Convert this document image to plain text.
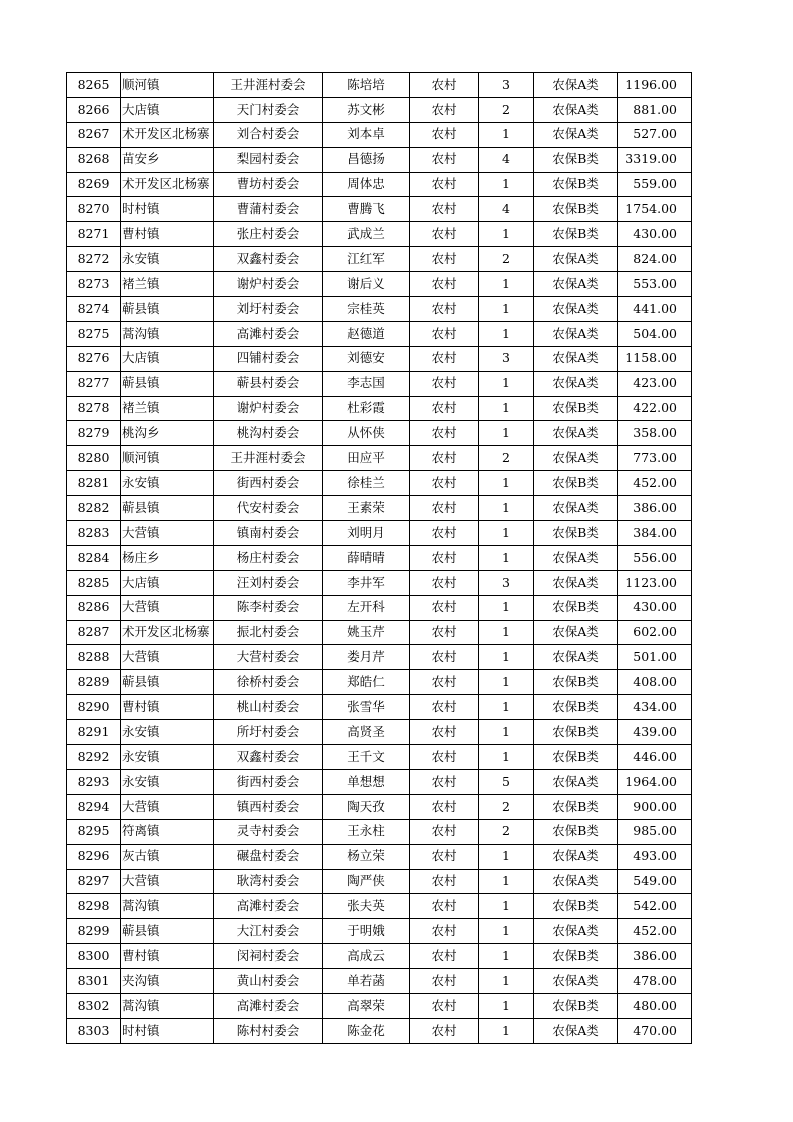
8265	顺河镇	王井涯村委会	陈培培	农村	3	农保A类	1196.00
8266	大店镇	天门村委会	苏文彬	农村	2	农保A类	881.00
8267	术开发区北杨寨	刘合村委会	刘本卓	农村	1	农保A类	527.00
8268	苗安乡	梨园村委会	昌德扬	农村	4	农保B类	3319.00
8269	术开发区北杨寨	曹坊村委会	周体忠	农村	1	农保B类	559.00
8270	时村镇	曹蒲村委会	曹腾飞	农村	4	农保B类	1754.00
8271	曹村镇	张庄村委会	武成兰	农村	1	农保B类	430.00
8272	永安镇	双鑫村委会	江红军	农村	2	农保A类	824.00
8273	褚兰镇	谢炉村委会	谢后义	农村	1	农保A类	553.00
8274	蕲县镇	刘圩村委会	宗桂英	农村	1	农保A类	441.00
8275	蒿沟镇	高滩村委会	赵德道	农村	1	农保A类	504.00
8276	大店镇	四铺村委会	刘德安	农村	3	农保A类	1158.00
8277	蕲县镇	蕲县村委会	李志国	农村	1	农保A类	423.00
8278	褚兰镇	谢炉村委会	杜彩霞	农村	1	农保B类	422.00
8279	桃沟乡	桃沟村委会	从怀侠	农村	1	农保A类	358.00
8280	顺河镇	王井涯村委会	田应平	农村	2	农保A类	773.00
8281	永安镇	街西村委会	徐桂兰	农村	1	农保B类	452.00
8282	蕲县镇	代安村委会	王素荣	农村	1	农保A类	386.00
8283	大营镇	镇南村委会	刘明月	农村	1	农保B类	384.00
8284	杨庄乡	杨庄村委会	薛晴晴	农村	1	农保A类	556.00
8285	大店镇	汪刘村委会	李井军	农村	3	农保A类	1123.00
8286	大营镇	陈李村委会	左开科	农村	1	农保B类	430.00
8287	术开发区北杨寨	振北村委会	姚玉芹	农村	1	农保A类	602.00
8288	大营镇	大营村委会	娄月芹	农村	1	农保A类	501.00
8289	蕲县镇	徐桥村委会	郑皓仁	农村	1	农保B类	408.00
8290	曹村镇	桃山村委会	张雪华	农村	1	农保B类	434.00
8291	永安镇	所圩村委会	高贤圣	农村	1	农保B类	439.00
8292	永安镇	双鑫村委会	王千文	农村	1	农保B类	446.00
8293	永安镇	街西村委会	单想想	农村	5	农保A类	1964.00
8294	大营镇	镇西村委会	陶天孜	农村	2	农保B类	900.00
8295	符离镇	灵寺村委会	王永柱	农村	2	农保B类	985.00
8296	灰古镇	碾盘村委会	杨立荣	农村	1	农保A类	493.00
8297	大营镇	耿湾村委会	陶严侠	农村	1	农保A类	549.00
8298	蒿沟镇	高滩村委会	张夫英	农村	1	农保B类	542.00
8299	蕲县镇	大江村委会	于明娥	农村	1	农保A类	452.00
8300	曹村镇	闵祠村委会	高成云	农村	1	农保B类	386.00
8301	夹沟镇	黄山村委会	单若菡	农村	1	农保A类	478.00
8302	蒿沟镇	高滩村委会	高翠荣	农村	1	农保B类	480.00
8303	时村镇	陈村村委会	陈金花	农村	1	农保A类	470.00
